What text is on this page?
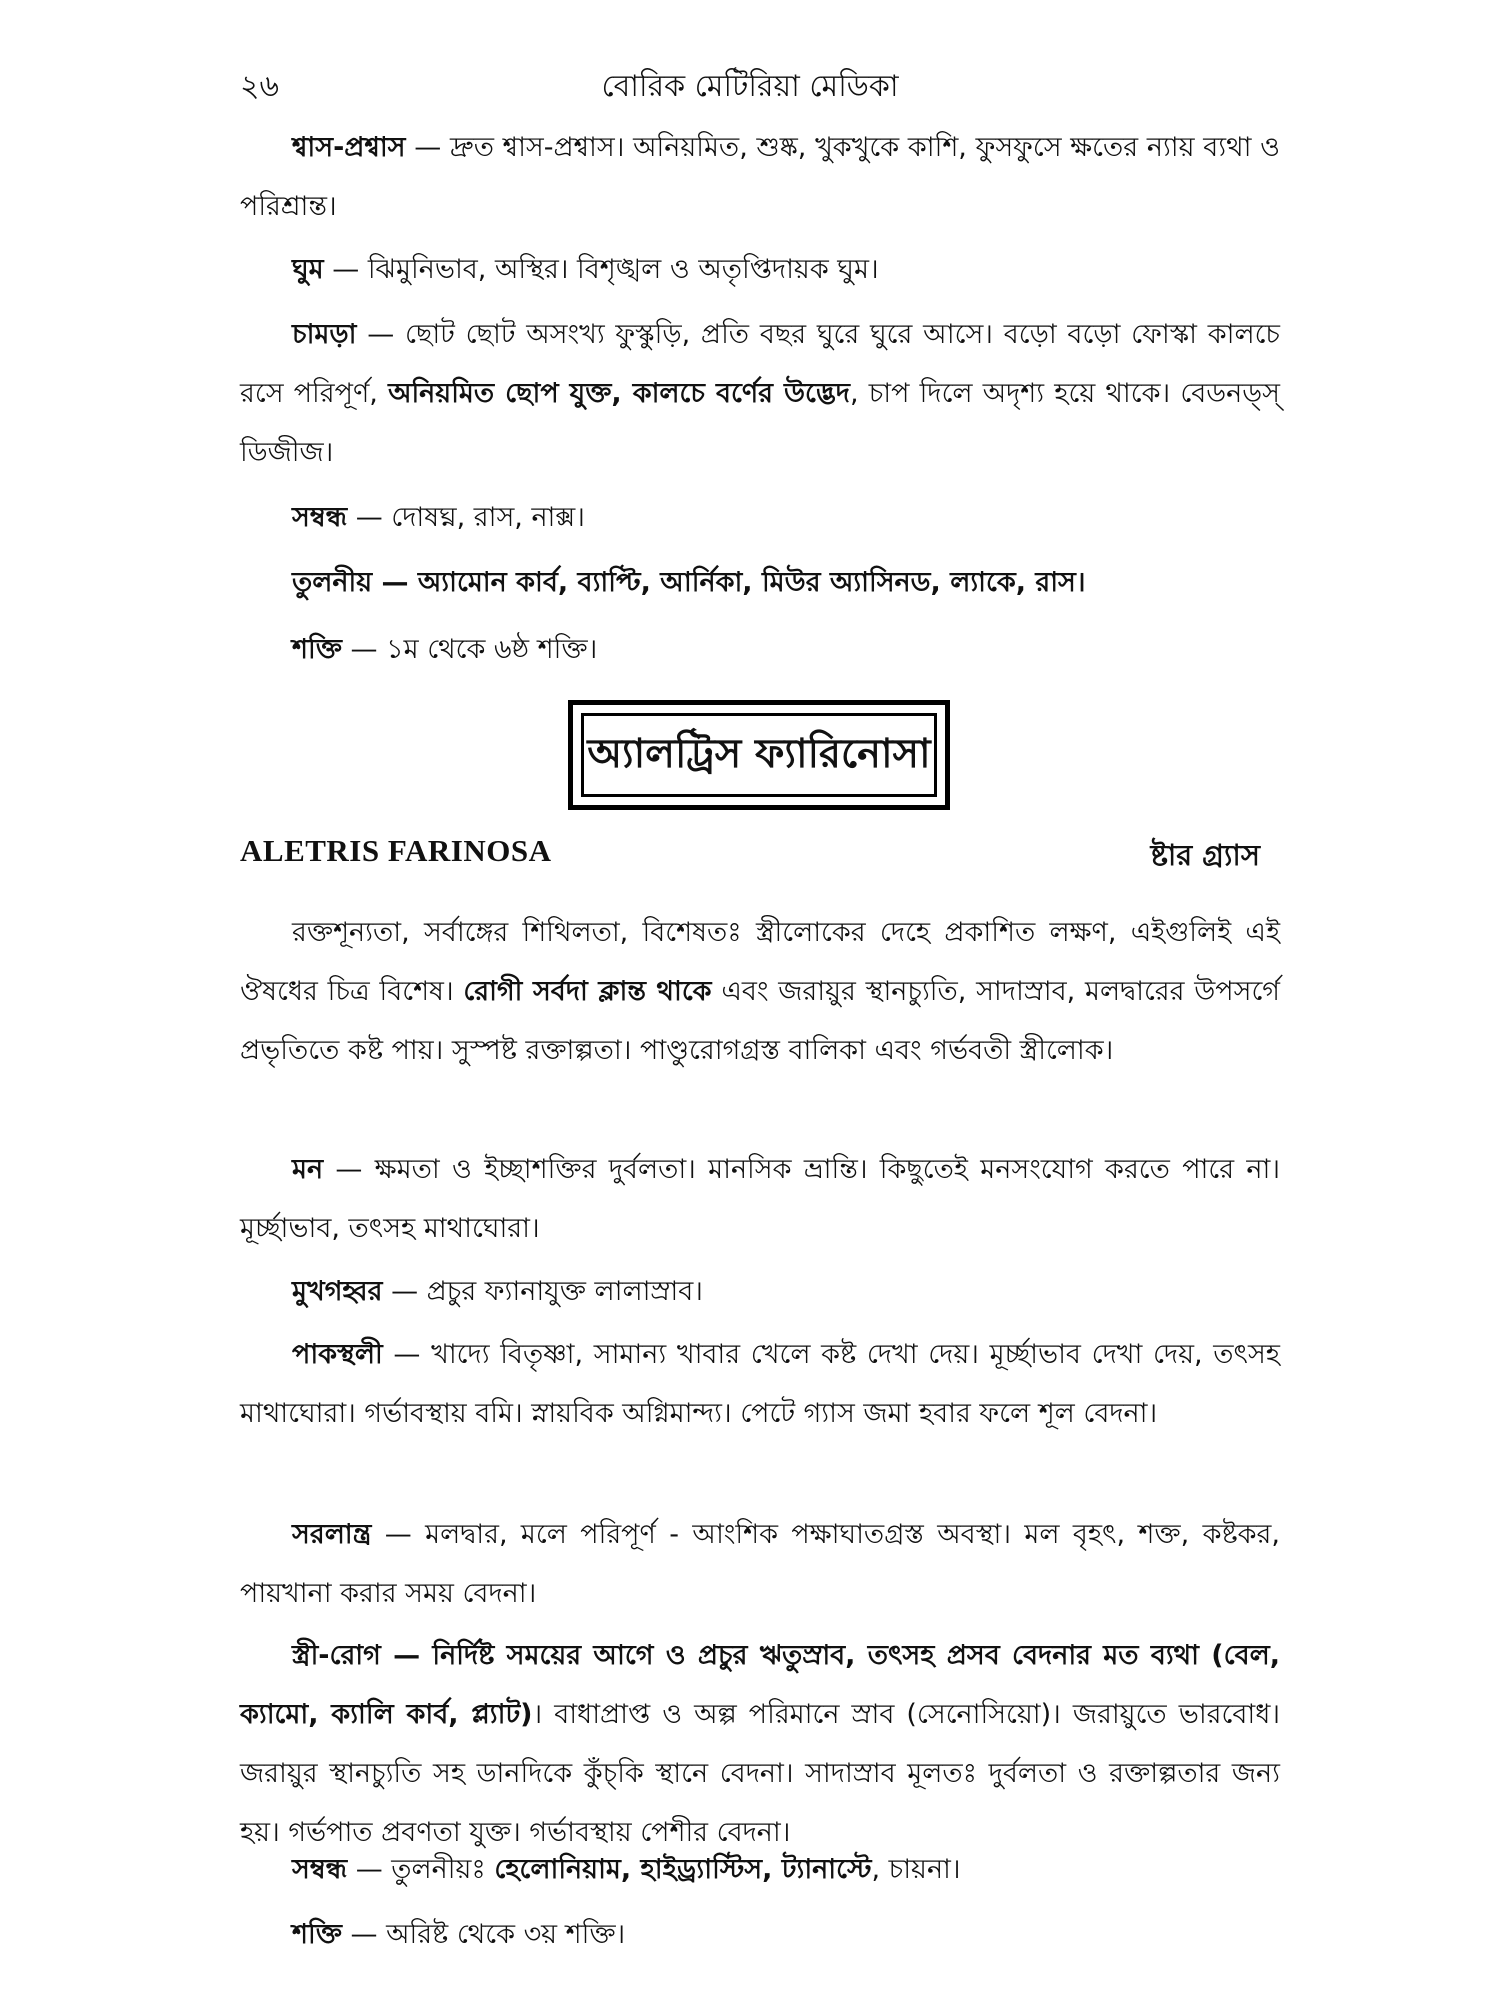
২৬	বোরিক মেটিরিয়া মেডিকা

শ্বাস-প্রশ্বাস — দ্রুত শ্বাস-প্রশ্বাস। অনিয়মিত, শুষ্ক, খুকখুকে কাশি, ফুসফুসে ক্ষতের ন্যায় ব্যথা ও পরিশ্রান্ত।

ঘুম — ঝিমুনিভাব, অস্থির। বিশৃঙ্খল ও অতৃপ্তিদায়ক ঘুম।

চামড়া — ছোট ছোট অসংখ্য ফুস্কুড়ি, প্রতি বছর ঘুরে ঘুরে আসে। বড়ো বড়ো ফোস্কা কালচে রসে পরিপূর্ণ, অনিয়মিত ছোপ যুক্ত, কালচে বর্ণের উদ্ভেদ, চাপ দিলে অদৃশ্য হয়ে থাকে। বেডনড্‌স্‌ ডিজীজ।

সম্বন্ধ — দোষঘ্ন, রাস, নাক্স।

তুলনীয় — অ্যামোন কার্ব, ব্যাপ্টি, আর্নিকা, মিউর অ্যাসিনড, ল্যাকে, রাস।

শক্তি — ১ম থেকে ৬ষ্ঠ শক্তি।

অ্যালট্রিস ফ্যারিনোসা
ALETRIS FARINOSA	ষ্টার গ্র্যাস

রক্তশূন্যতা, সর্বাঙ্গের শিথিলতা, বিশেষতঃ স্ত্রীলোকের দেহে প্রকাশিত লক্ষণ, এইগুলিই এই ঔষধের চিত্র বিশেষ। রোগী সর্বদা ক্লান্ত থাকে এবং জরায়ুর স্থানচ্যুতি, সাদাস্রাব, মলদ্বারের উপসর্গে প্রভৃতিতে কষ্ট পায়। সুস্পষ্ট রক্তাল্পতা। পাণ্ডুরোগগ্রস্ত বালিকা এবং গর্ভবতী স্ত্রীলোক।

মন — ক্ষমতা ও ইচ্ছাশক্তির দুর্বলতা। মানসিক ভ্রান্তি। কিছুতেই মনসংযোগ করতে পারে না। মূর্চ্ছাভাব, তৎসহ মাথাঘোরা।

মুখগহ্বর — প্রচুর ফ্যানাযুক্ত লালাস্রাব।

পাকস্থলী — খাদ্যে বিতৃষ্ণা, সামান্য খাবার খেলে কষ্ট দেখা দেয়। মূর্চ্ছাভাব দেখা দেয়, তৎসহ মাথাঘোরা। গর্ভাবস্থায় বমি। স্নায়বিক অগ্নিমান্দ্য। পেটে গ্যাস জমা হবার ফলে শূল বেদনা।

সরলান্ত্র — মলদ্বার, মলে পরিপূর্ণ - আংশিক পক্ষাঘাতগ্রস্ত অবস্থা। মল বৃহৎ, শক্ত, কষ্টকর, পায়খানা করার সময় বেদনা।

স্ত্রী-রোগ — নির্দিষ্ট সময়ের আগে ও প্রচুর ঋতুস্রাব, তৎসহ প্রসব বেদনার মত ব্যথা (বেল, ক্যামো, ক্যালি কার্ব, প্ল্যাট)। বাধাপ্রাপ্ত ও অল্প পরিমানে স্রাব (সেনোসিয়ো)। জরায়ুতে ভারবোধ। জরায়ুর স্থানচ্যুতি সহ ডানদিকে কুঁচ্‌কি স্থানে বেদনা। সাদাস্রাব মূলতঃ দুর্বলতা ও রক্তাল্পতার জন্য হয়। গর্ভপাত প্রবণতা যুক্ত। গর্ভাবস্থায় পেশীর বেদনা।

সম্বন্ধ — তুলনীয়ঃ হেলোনিয়াম, হাইড্র্যাস্টিস, ট্যানাস্টে, চায়না।

শক্তি — অরিষ্ট থেকে ৩য় শক্তি।
